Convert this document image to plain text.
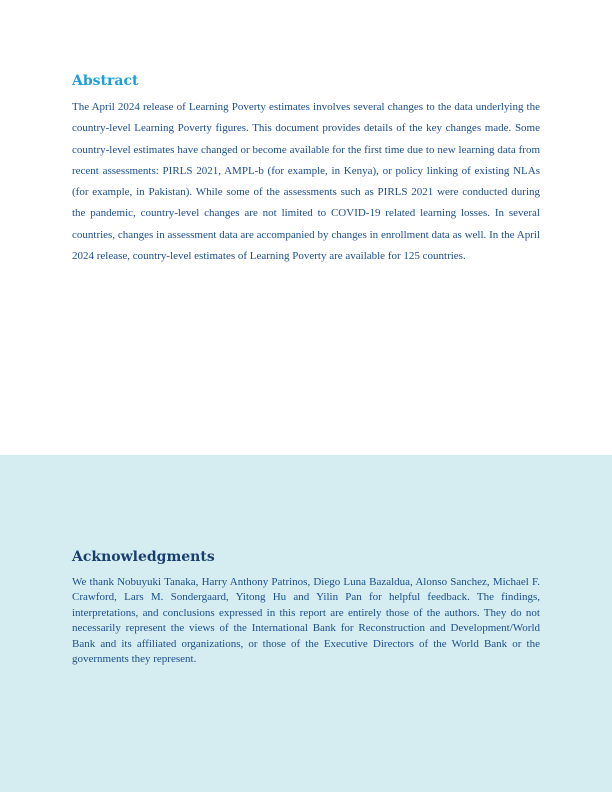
Abstract

The April 2024 release of Learning Poverty estimates involves several changes to the data underlying the country-level Learning Poverty figures. This document provides details of the key changes made. Some country-level estimates have changed or become available for the first time due to new learning data from recent assessments: PIRLS 2021, AMPL-b (for example, in Kenya), or policy linking of existing NLAs (for example, in Pakistan). While some of the assessments such as PIRLS 2021 were conducted during the pandemic, country-level changes are not limited to COVID-19 related learning losses. In several countries, changes in assessment data are accompanied by changes in enrollment data as well. In the April 2024 release, country-level estimates of Learning Poverty are available for 125 countries.

Acknowledgments

We thank Nobuyuki Tanaka, Harry Anthony Patrinos, Diego Luna Bazaldua, Alonso Sanchez, Michael F. Crawford, Lars M. Sondergaard, Yitong Hu and Yilin Pan for helpful feedback. The findings, interpretations, and conclusions expressed in this report are entirely those of the authors. They do not necessarily represent the views of the International Bank for Reconstruction and Development/World Bank and its affiliated organizations, or those of the Executive Directors of the World Bank or the governments they represent.
